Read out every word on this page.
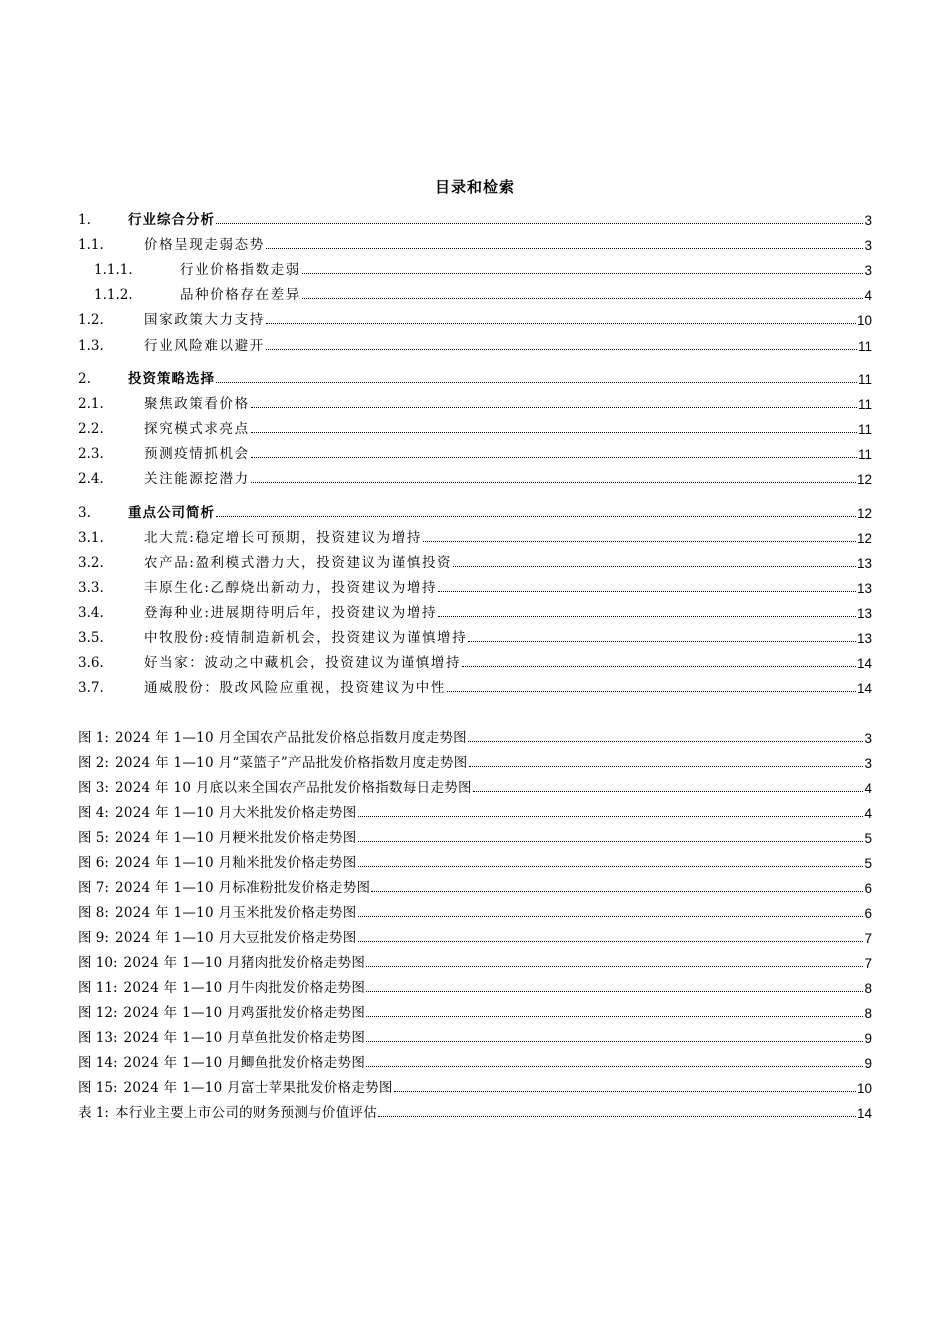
目录和检索
1.	行业综合分析	3
1.1.	价格呈现走弱态势	3
1.1.1.	行业价格指数走弱	3
1.1.2.	品种价格存在差异	4
1.2.	国家政策大力支持	10
1.3.	行业风险难以避开	11
2.	投资策略选择	11
2.1.	聚焦政策看价格	11
2.2.	探究模式求亮点	11
2.3.	预测疫情抓机会	11
2.4.	关注能源挖潜力	12
3.	重点公司简析	12
3.1.	北大荒:稳定增长可预期，投资建议为增持	12
3.2.	农产品:盈利模式潜力大，投资建议为谨慎投资	13
3.3.	丰原生化:乙醇烧出新动力，投资建议为增持	13
3.4.	登海种业:进展期待明后年，投资建议为增持	13
3.5.	中牧股份:疫情制造新机会，投资建议为谨慎增持	13
3.6.	好当家：波动之中藏机会，投资建议为谨慎增持	14
3.7.	通威股份：股改风险应重视，投资建议为中性	14
图 1: 2024 年 1—10 月全国农产品批发价格总指数月度走势图	3
图 2: 2024 年 1—10 月“菜篮子”产品批发价格指数月度走势图	3
图 3: 2024 年 10 月底以来全国农产品批发价格指数每日走势图	4
图 4: 2024 年 1—10 月大米批发价格走势图	4
图 5: 2024 年 1—10 月粳米批发价格走势图	5
图 6: 2024 年 1—10 月籼米批发价格走势图	5
图 7: 2024 年 1—10 月标准粉批发价格走势图	6
图 8: 2024 年 1—10 月玉米批发价格走势图	6
图 9: 2024 年 1—10 月大豆批发价格走势图	7
图 10: 2024 年 1—10 月猪肉批发价格走势图	7
图 11: 2024 年 1—10 月牛肉批发价格走势图	8
图 12: 2024 年 1—10 月鸡蛋批发价格走势图	8
图 13: 2024 年 1—10 月草鱼批发价格走势图	9
图 14: 2024 年 1—10 月鲫鱼批发价格走势图	9
图 15: 2024 年 1—10 月富士苹果批发价格走势图	10
表 1: 本行业主要上市公司的财务预测与价值评估	14
